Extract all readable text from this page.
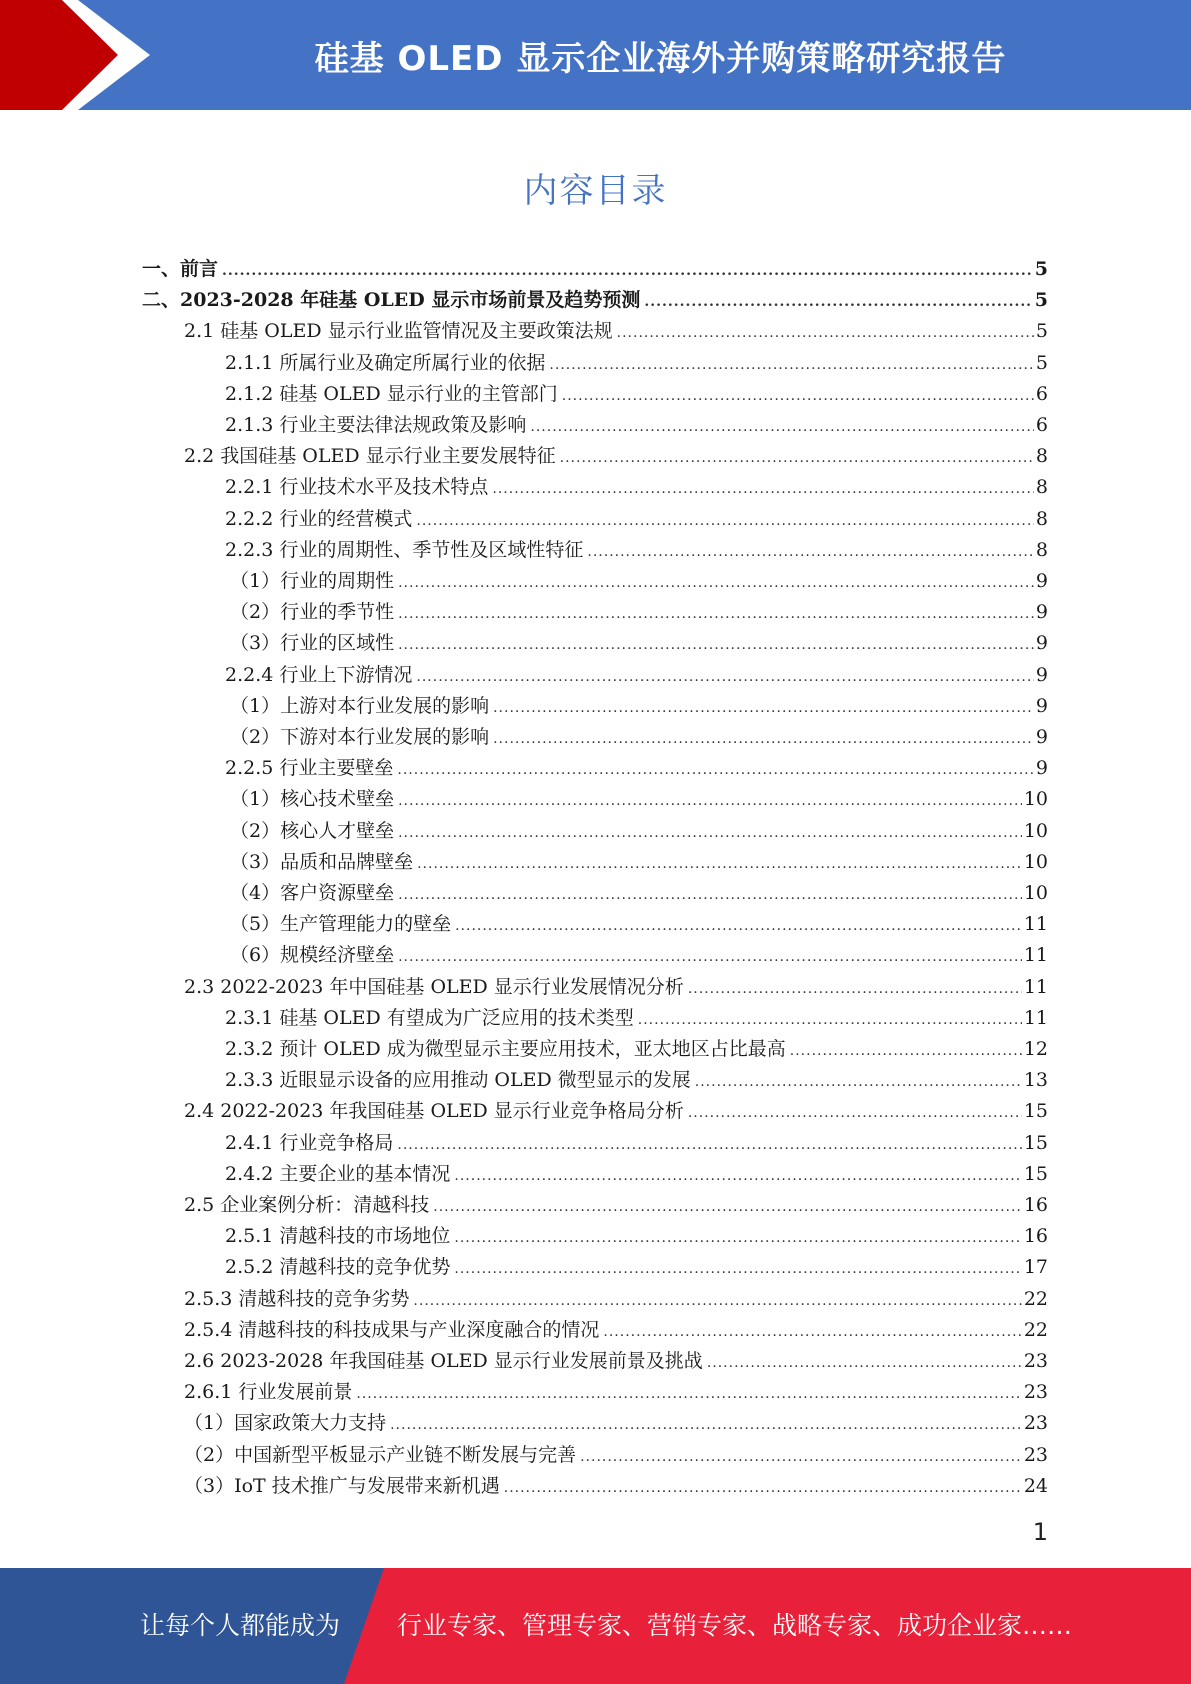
硅基 OLED 显示企业海外并购策略研究报告
内容目录
一、前言 .....	5
二、2023-2028 年硅基 OLED 显示市场前景及趋势预测 .....	5
2.1 硅基 OLED 显示行业监管情况及主要政策法规 .....	5
2.1.1 所属行业及确定所属行业的依据 .....	5
2.1.2 硅基 OLED 显示行业的主管部门 .....	6
2.1.3 行业主要法律法规政策及影响 .....	6
2.2 我国硅基 OLED 显示行业主要发展特征 .....	8
2.2.1 行业技术水平及技术特点 .....	8
2.2.2 行业的经营模式 .....	8
2.2.3 行业的周期性、季节性及区域性特征 .....	8
（1）行业的周期性 .....	9
（2）行业的季节性 .....	9
（3）行业的区域性 .....	9
2.2.4 行业上下游情况 .....	9
（1）上游对本行业发展的影响 .....	9
（2）下游对本行业发展的影响 .....	9
2.2.5 行业主要壁垒 .....	9
（1）核心技术壁垒 .....	10
（2）核心人才壁垒 .....	10
（3）品质和品牌壁垒 .....	10
（4）客户资源壁垒 .....	10
（5）生产管理能力的壁垒 .....	11
（6）规模经济壁垒 .....	11
2.3 2022-2023 年中国硅基 OLED 显示行业发展情况分析 .....	11
2.3.1 硅基 OLED 有望成为广泛应用的技术类型 .....	11
2.3.2 预计 OLED 成为微型显示主要应用技术，亚太地区占比最高 .....	12
2.3.3 近眼显示设备的应用推动 OLED 微型显示的发展 .....	13
2.4 2022-2023 年我国硅基 OLED 显示行业竞争格局分析 .....	15
2.4.1 行业竞争格局 .....	15
2.4.2 主要企业的基本情况 .....	15
2.5 企业案例分析：清越科技 .....	16
2.5.1 清越科技的市场地位 .....	16
2.5.2 清越科技的竞争优势 .....	17
2.5.3 清越科技的竞争劣势 .....	22
2.5.4 清越科技的科技成果与产业深度融合的情况 .....	22
2.6 2023-2028 年我国硅基 OLED 显示行业发展前景及挑战 .....	23
2.6.1 行业发展前景 .....	23
（1）国家政策大力支持 .....	23
（2）中国新型平板显示产业链不断发展与完善 .....	23
（3）IoT 技术推广与发展带来新机遇 .....	24
1
让每个人都能成为 行业专家、管理专家、营销专家、战略专家、成功企业家……
